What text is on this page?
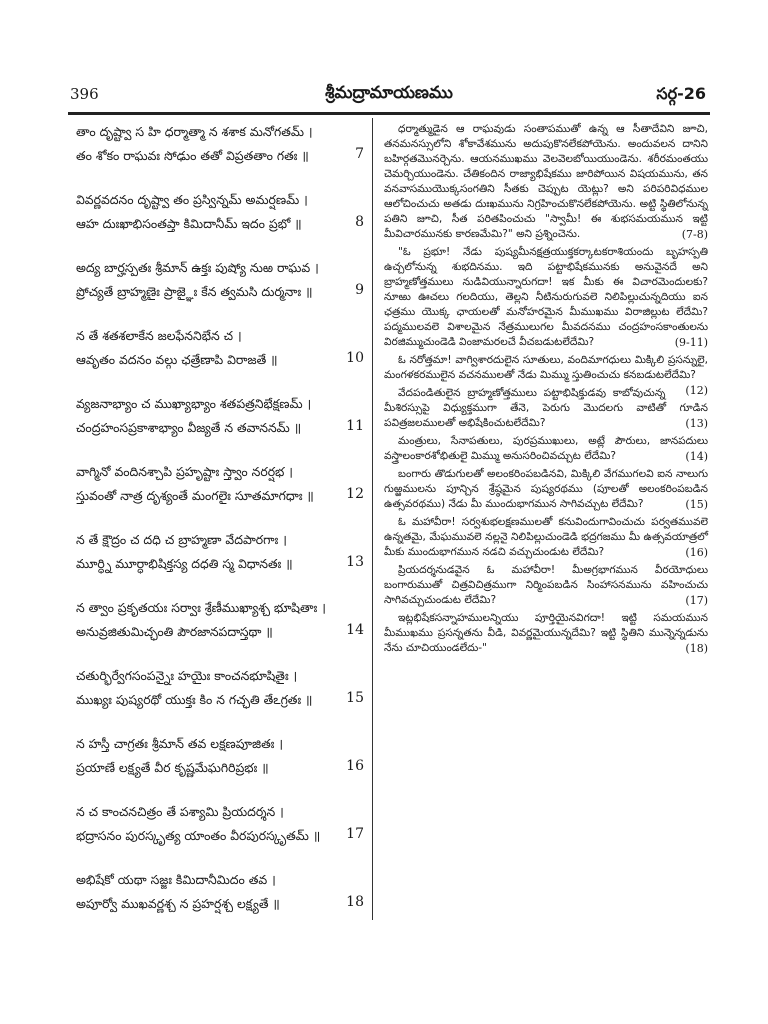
396	శ్రీమద్రామాయణము	సర్గ-26
తాం దృష్ట్వా స హి ధర్మాత్మా న శశాక మనోగతమ్ ।
తం శోకం రాఘవః సోఢుం తతో విప్రతతాం గతః ॥	7
వివర్ణవదనం దృష్ట్వా తం ప్రస్విన్నమ్ అమర్షణమ్ ।
ఆహ దుఃఖాభిసంతప్తా కిమిదానీమ్ ఇదం ప్రభో ॥	8
అద్య బార్హస్పతః శ్రీమాన్ ఉక్తః పుష్యో నుఱ రాఘవ ।
ప్రోచ్యతే బ్రాహ్మణైః ప్రాజ్ఞైః కేన త్వమసి దుర్మనాః ॥	9
న తే శతశలాకేన జలఫేననిభేన చ ।
ఆవృతం వదనం వల్గు ఛత్రేణాపి విరాజతే ॥	10
వ్యజనాభ్యాం చ ముఖ్యాభ్యాం శతపత్రనిభేక్షణమ్ ।
చంద్రహంసప్రకాశాభ్యాం వీజ్యతే న తవాననమ్ ॥	11
వాగ్మినో వందినశ్చాపి ప్రహృష్టాః స్త్వాం నరర్షభ ।
స్తువంతో నాత్ర దృశ్యంతే మంగలైః సూతమాగధాః ॥	12
న తే క్షౌద్రం చ దధి చ బ్రాహ్మణా వేదపారగాః ।
మూర్ధ్ని మూర్ధాభిషిక్తస్య దధతి స్మ విధానతః ॥	13
న త్వాం ప్రకృతయః సర్వాః శ్రేణీముఖ్యాశ్చ భూషితాః ।
అనువ్రజితుమిచ్ఛంతి పౌరజానపదాస్తథా ॥	14
చతుర్భిర్వేగసంపన్నైః హయైః కాంచనభూషితైః ।
ముఖ్యః పుష్యరథో యుక్తః కిం న గచ్ఛతి తేఽగ్రతః ॥	15
న హస్తీ చాగ్రతః శ్రీమాన్ తవ లక్షణపూజితః ।
ప్రయాణే లక్ష్యతే వీర కృష్ణమేఘగిరిప్రభః ॥	16
న చ కాంచనచిత్రం తే పశ్యామి ప్రియదర్శన ।
భద్రాసనం పురస్కృత్య యాంతం వీరపురస్కృతమ్ ॥	17
అభిషేకో యథా సజ్జః కిమిదానీమిదం తవ ।
అపూర్వో ముఖవర్ణశ్చ న ప్రహర్షశ్చ లక్ష్యతే ॥	18

ధర్మాత్ముడైన ఆ రాఘవుడు సంతాపముతో ఉన్న ఆ సీతాదేవిని జూచి, తనమనస్సులోని శోకావేశమును అదుపుకొనలేకపోయెను. అందువలన దానిని బహిర్గతమొనర్చెను. ఆయనముఖము వెలవెలబోయియుండెను. శరీరమంతయు చెమర్చియుండెను. చేతికందిన రాజ్యాభిషేకము జారిపోయిన విషయమును, తన వనవాసముయొక్కసంగతిని సీతకు చెప్పుట యెట్లు? అని పరిపరివిధముల ఆలోచించుచు అతడు దుఃఖమును నిగ్రహించుకొనలేకపోయెను. అట్టి స్థితిలోనున్న పతిని జూచి, సీత పరితపించుచు "స్వామీ! ఈ శుభసమయమున ఇట్టి మీవిచారమునకు కారణమేమి?" అని ప్రశ్నించెను.	(7-8)

"ఓ ప్రభూ! నేడు పుష్యమీనక్షత్రయుక్తకర్కాటకరాశియందు బృహస్పతి ఉచ్చలోనున్న శుభదినము. ఇది పట్టాభిషేకమునకు అనువైనదే అని బ్రాహ్మణోత్తములు నుడివియున్నారుగదా! ఇక మీకు ఈ విచారమెందులకు? నూఱు ఊచలు గలదియు, తెల్లని నీటినురుగువలె నిలిపిల్లుచున్నదియు ఐన ఛత్రము యొక్క ఛాయలతో మనోహరమైన మీముఖము విరాజిల్లుట లేదేమి? పద్మములవలె విశాలమైన నేత్రములుగల మీవదనము చంద్రహంసకాంతులను విరజిమ్ముచుండెడి వింజామరలచే వీచబడుటలేదేమి?	(9-11)

ఓ నరోత్తమా! వాగ్విశారదులైన సూతులు, వందిమాగధులు మిక్కిలి ప్రసన్నులై, మంగళకరములైన వచనములతో నేడు మిమ్ము స్తుతించుచు కనబడుటలేదేమి?
(12)

వేదపండితులైన బ్రాహ్మణోత్తములు పట్టాభిషిక్తుడవు కాబోవుచున్న మీశిరస్సుపై విధ్యుక్తముగా తేనె, పెరుగు మొదలగు వాటితో గూడిన పవిత్రజలములతో అభిషేకించుటలేదేమి?	(13)

మంత్రులు, సేనాపతులు, పురప్రముఖులు, అట్లే పౌరులు, జానపదులు వస్త్రాలంకారశోభితులై మిమ్ము అనుసరించివచ్చుట లేదేమి?	(14)

బంగారు తొడుగులతో అలంకరింపబడినవి, మిక్కిలి వేగముగలవి ఐన నాలుగు గుఱ్ఱములను పూన్చిన శ్రేష్ఠమైన పుష్యరథము (పూలతో అలంకరింపబడిన ఉత్సవరథము) నేడు మీ ముందుభాగమున సాగివచ్చుట లేదేమి?	(15)

ఓ మహావీరా! సర్వశుభలక్షణములతో కనువిందుగావించుచు పర్వతమువలె ఉన్నతమై, మేఘమువలె నల్లనై నిలిపిల్లుచుండెడి భద్రగజము మీ ఉత్సవయాత్రలో మీకు ముందుభాగమున నడచి వచ్చుచుండుట లేదేమి?	(16)

ప్రియదర్శనుడవైన ఓ మహావీరా! మీఅగ్రభాగమున వీరయోధులు బంగారుముతో చిత్రవిచిత్రముగా నిర్మింపబడిన సింహాసనమును వహించుచు సాగివచ్చుచుండుట లేదేమి?	(17)

ఇట్లభిషేకసన్నాహములన్నియు పూర్తియైనవిగదా! ఇట్టి సమయమున మీముఖము ప్రసన్నతను వీడి, వివర్ణమైయున్నదేమి? ఇట్టి స్థితిని మున్నెన్నడును నేను చూచియుండలేదు-"	(18)
